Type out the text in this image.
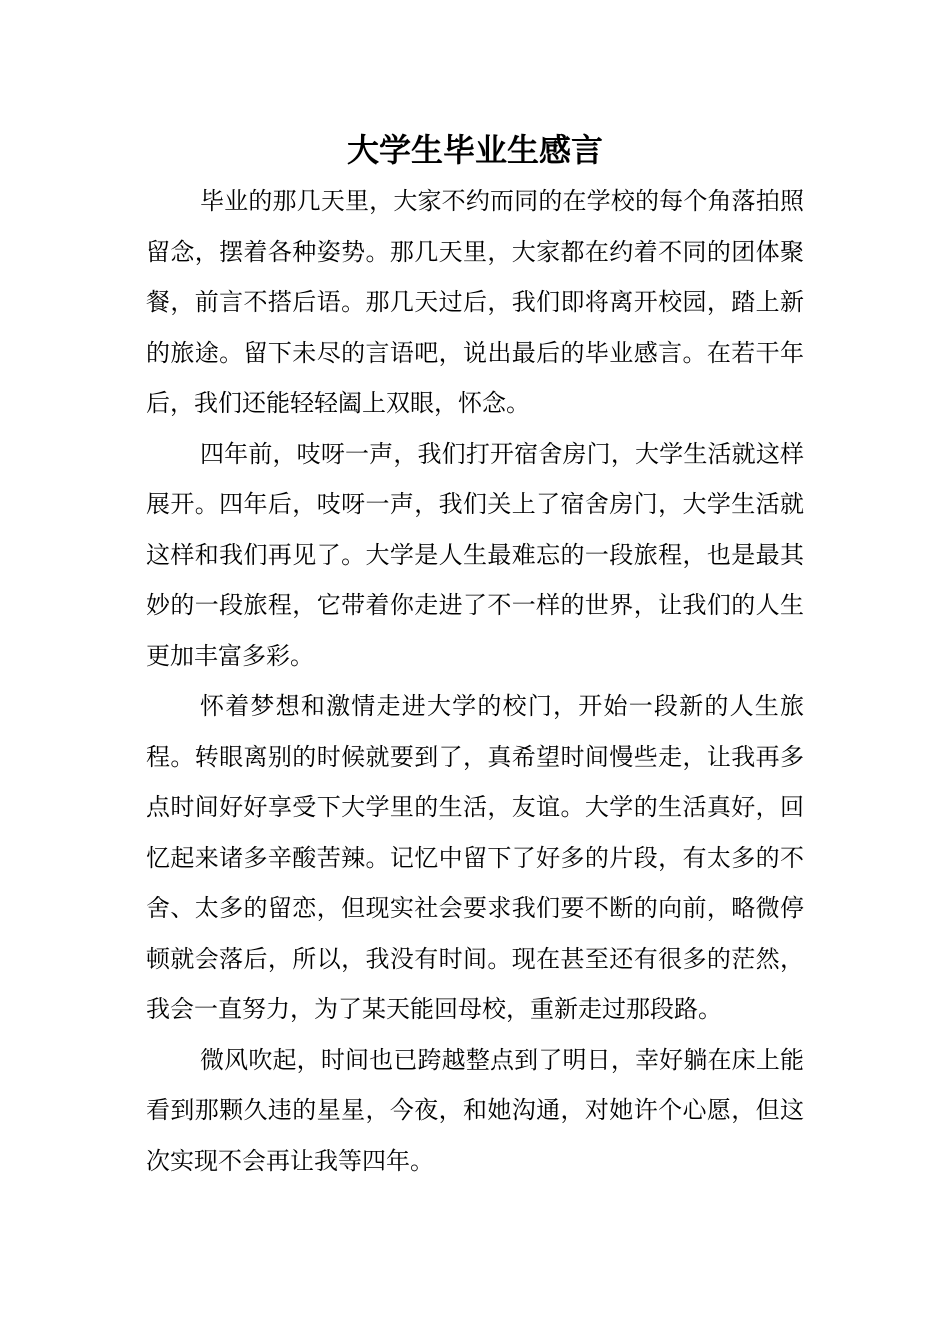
大学生毕业生感言

毕业的那几天里，大家不约而同的在学校的每个角落拍照留念，摆着各种姿势。那几天里，大家都在约着不同的团体聚餐，前言不搭后语。那几天过后，我们即将离开校园，踏上新的旅途。留下未尽的言语吧，说出最后的毕业感言。在若干年后，我们还能轻轻阖上双眼，怀念。

四年前，吱呀一声，我们打开宿舍房门，大学生活就这样展开。四年后，吱呀一声，我们关上了宿舍房门，大学生活就这样和我们再见了。大学是人生最难忘的一段旅程，也是最其妙的一段旅程，它带着你走进了不一样的世界，让我们的人生更加丰富多彩。

怀着梦想和激情走进大学的校门，开始一段新的人生旅程。转眼离别的时候就要到了，真希望时间慢些走，让我再多点时间好好享受下大学里的生活，友谊。大学的生活真好，回忆起来诸多辛酸苦辣。记忆中留下了好多的片段，有太多的不舍、太多的留恋，但现实社会要求我们要不断的向前，略微停顿就会落后，所以，我没有时间。现在甚至还有很多的茫然，我会一直努力，为了某天能回母校，重新走过那段路。

微风吹起，时间也已跨越整点到了明日，幸好躺在床上能看到那颗久违的星星，今夜，和她沟通，对她许个心愿，但这次实现不会再让我等四年。
